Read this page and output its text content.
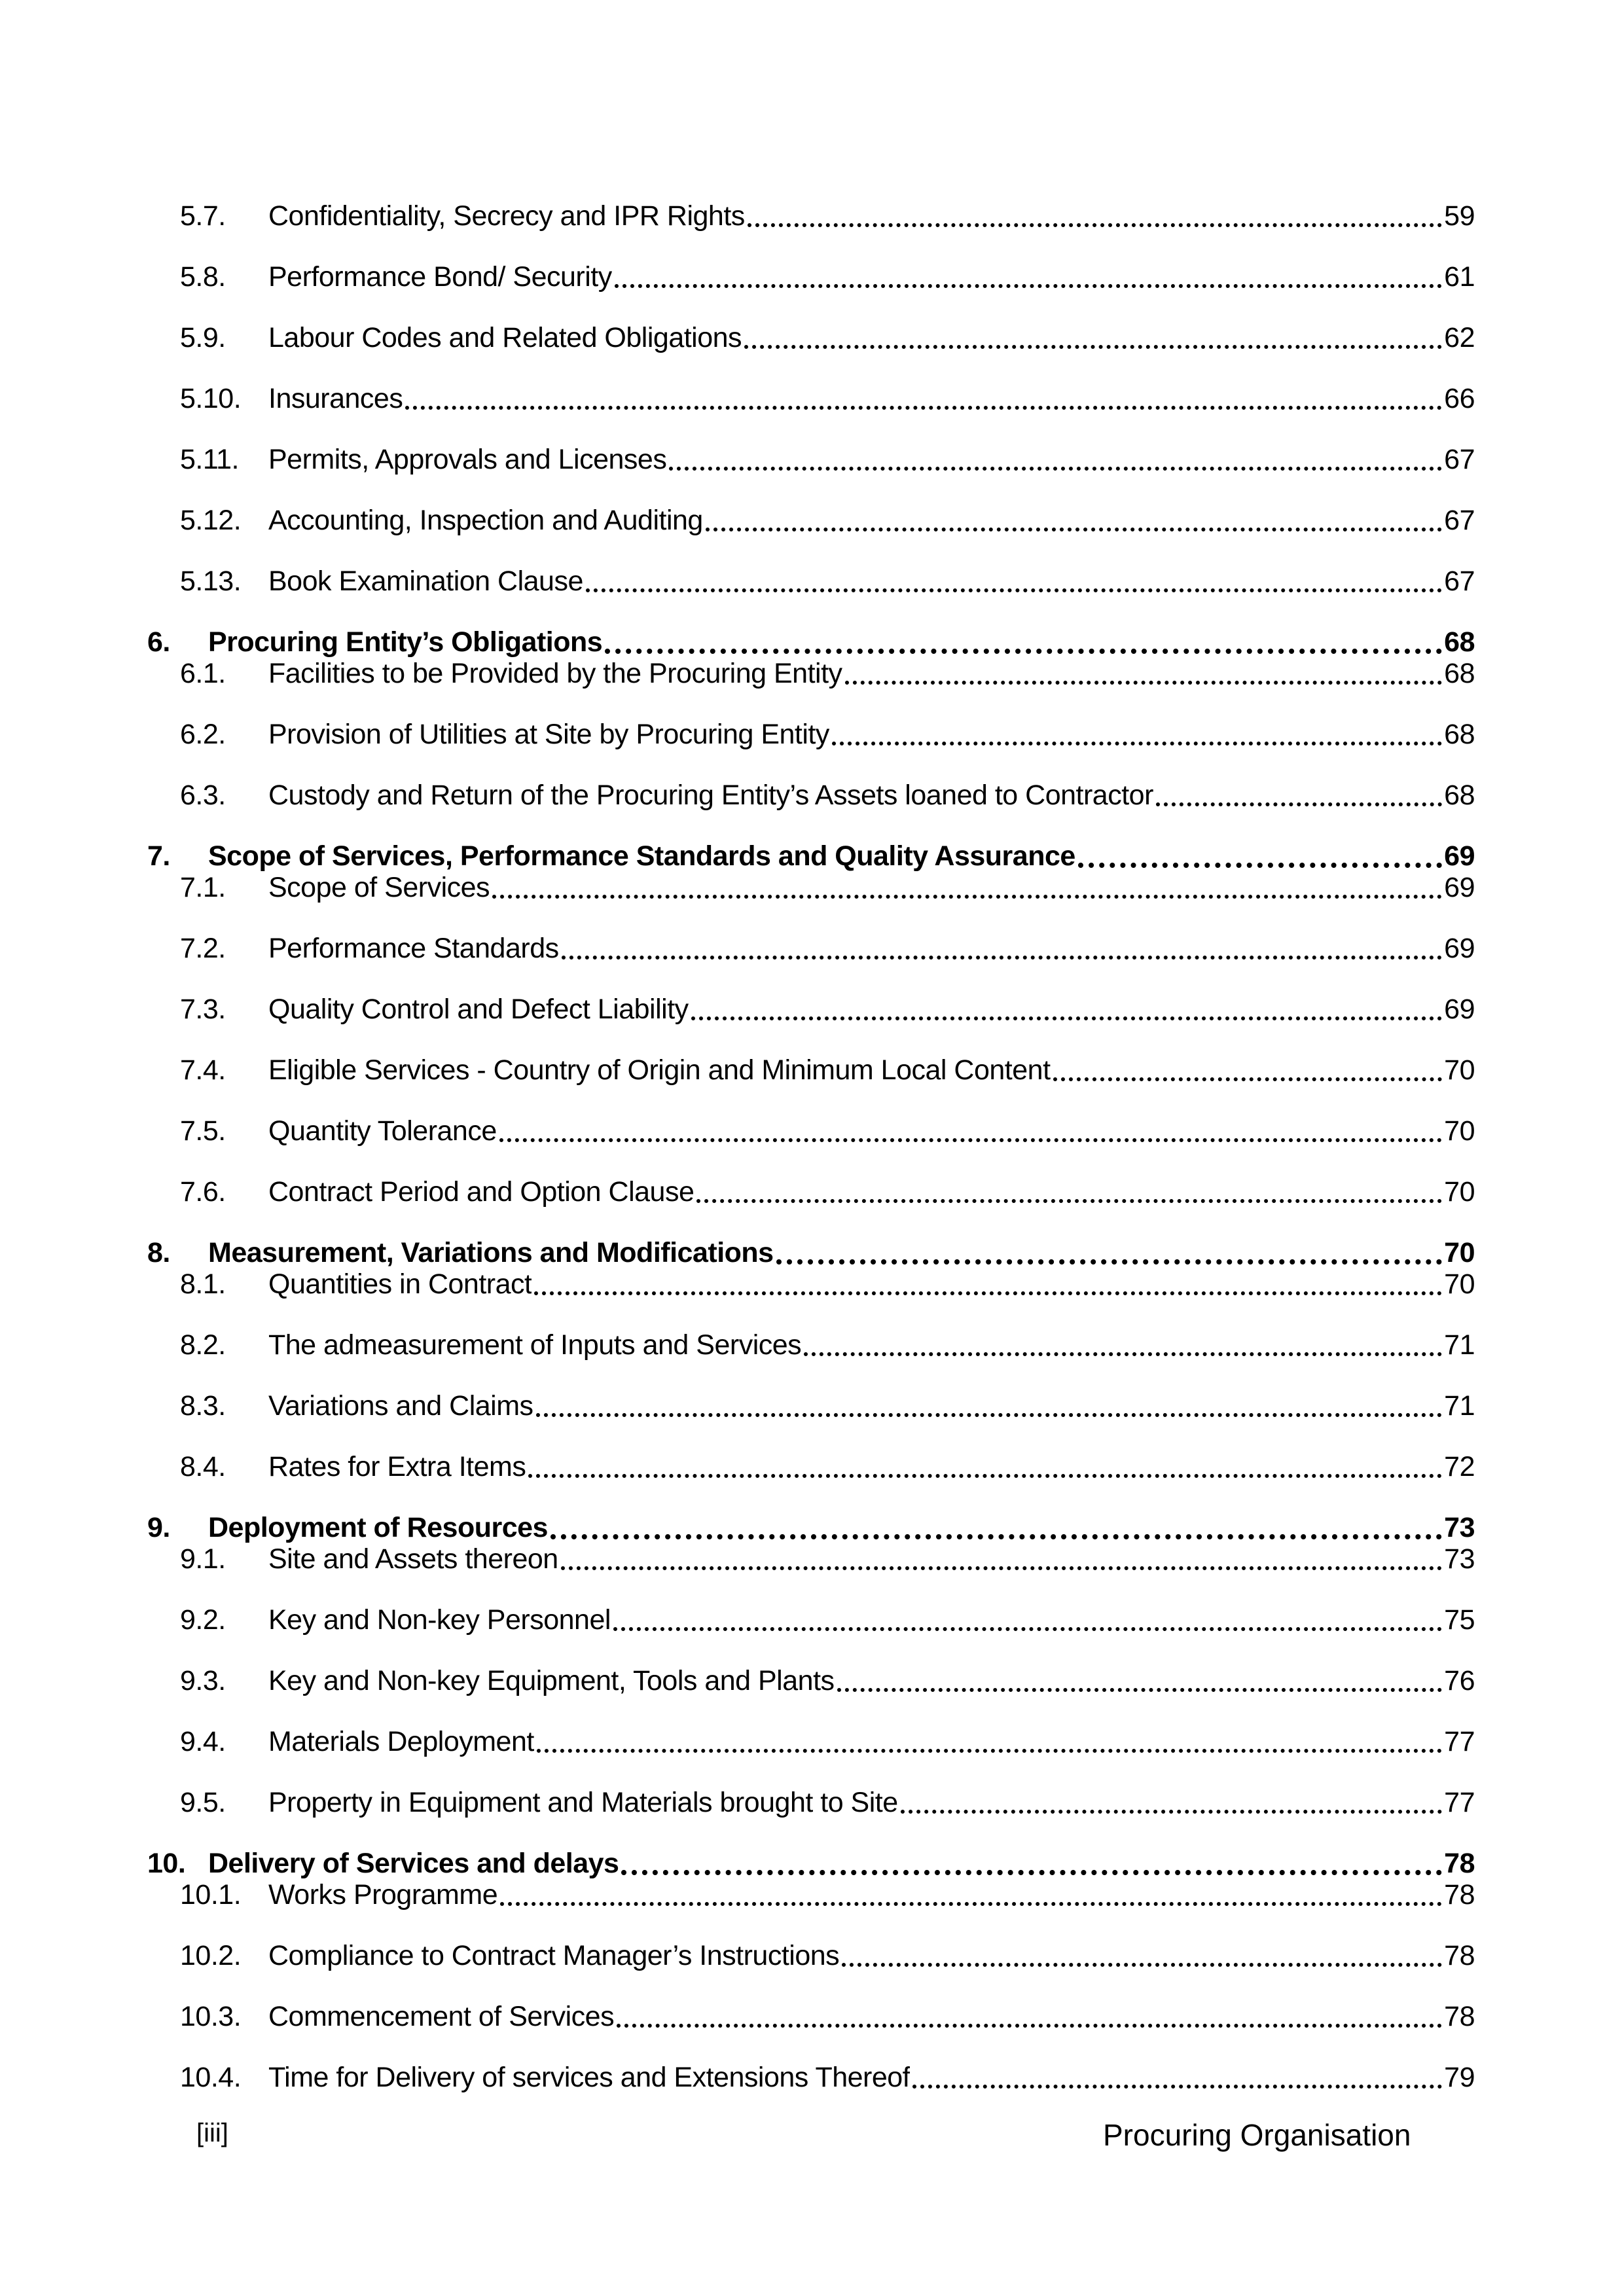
5.7.	Confidentiality, Secrecy and IPR Rights	59
5.8.	Performance Bond/ Security	61
5.9.	Labour Codes and Related Obligations	62
5.10. Insurances	66
5.11.	Permits, Approvals and Licenses	67
5.12. Accounting, Inspection and Auditing	67
5.13. Book Examination Clause	67
6.	Procuring Entity’s Obligations	68
6.1.	Facilities to be Provided by the Procuring Entity	68
6.2.	Provision of Utilities at Site by Procuring Entity	68
6.3.	Custody and Return of the Procuring Entity’s Assets loaned to Contractor	68
7.	Scope of Services, Performance Standards and Quality Assurance	69
7.1.	Scope of Services	69
7.2.	Performance Standards	69
7.3.	Quality Control and Defect Liability	69
7.4.	Eligible Services - Country of Origin and Minimum Local Content	70
7.5.	Quantity Tolerance	70
7.6.	Contract Period and Option Clause	70
8.	Measurement, Variations and Modifications	70
8.1.	Quantities in Contract	70
8.2.	The admeasurement of Inputs and Services	71
8.3.	Variations and Claims	71
8.4.	Rates for Extra Items	72
9.	Deployment of Resources	73
9.1.	Site and Assets thereon	73
9.2.	Key and Non-key Personnel	75
9.3.	Key and Non-key Equipment, Tools and Plants	76
9.4.	Materials Deployment	77
9.5.	Property in Equipment and Materials brought to Site	77
10. Delivery of Services and delays	78
10.1. Works Programme	78
10.2. Compliance to Contract Manager’s Instructions	78
10.3. Commencement of Services	78
10.4. Time for Delivery of services and Extensions Thereof	79
[iii]	Procuring Organisation
